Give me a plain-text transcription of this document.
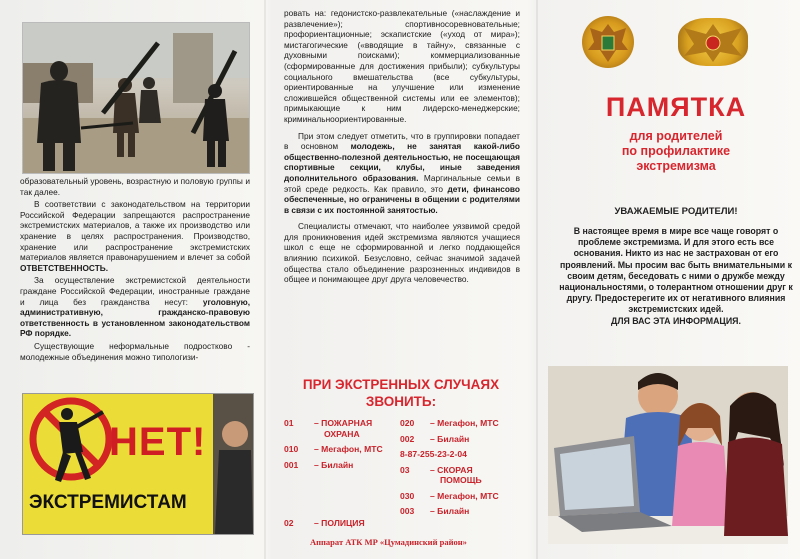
образовательный уровень, возрастную и половую группы и так далее.

В соответствии с законодательством на территории Российской Федерации запрещаются распространение экстремистских материалов, а также их производство или хранение в целях распространения. Производство, хранение или распространение экстремистских материалов является правонарушением и влечет за собой ОТВЕТСТВЕННОСТЬ.

За осуществление экстремистской деятельности граждане Российской Федерации, иностранные граждане и лица без гражданства несут: уголовную, административную, гражданско-правовую ответственность в установленном законодательством РФ порядке.

Существующие неформальные подростково - молодежные объединения можно типологизи-

НЕТ!
ЭКСТРЕМИСТАМ

ровать на: гедонистско-развлекательные («наслаждение и развлечение»); спортивносоревновательные; профориентационные; эскапистские («уход от мира»); мистагогические («вводящие в тайну», связанные с духовными поисками); коммерциализованные (сформированные для достижения прибыли); субкультуры социального вмешательства (все субкультуры, ориентированные на улучшение или изменение сложившейся общественной системы или ее элементов); примыкающие к ним лидерско-менеджерские; криминальноориентированные.

При этом следует отметить, что в группировки попадает в основном молодежь, не занятая какой-либо общественно-полезной деятельностью, не посещающая спортивные секции, клубы, иные заведения дополнительного образования. Маргинальные семьи в этой среде редкость. Как правило, это дети, финансово обеспеченные, но ограничены в общении с родителями в связи с их постоянной занятостью.

Специалисты отмечают, что наиболее уязвимой средой для проникновения идей экстремизма являются учащиеся школ с еще не сформированной и легко поддающейся влиянию психикой. Безусловно, сейчас значимой задачей общества стало объединение разрозненных индивидов в общее и понимающее друг друга человечество.

ПРИ ЭКСТРЕННЫХ СЛУЧАЯХ
ЗВОНИТЬ:
01 – ПОЖАРНАЯ
ОХРАНА
010 – Мегафон, МТС
001 – Билайн
020 – Мегафон, МТС
002 – Билайн
8-87-255-23-2-04
03 – СКОРАЯ
ПОМОЩЬ
030 – Мегафон, МТС
003 – Билайн
02 – ПОЛИЦИЯ
Аппарат АТК МР «Цумадинский район»
ПАМЯТКА
для родителей
по профилактике
экстремизма
УВАЖАЕМЫЕ РОДИТЕЛИ!
В настоящее время в мире все чаще говорят о проблеме экстремизма. И для этого есть все основания. Никто из нас не застрахован от его проявлений. Мы просим вас быть внимательными к своим детям, беседовать с ними о дружбе между национальностями, о толерантном отношении друг к другу. Предостерегите их от негативного влияния экстремистских идей.
ДЛЯ ВАС ЭТА ИНФОРМАЦИЯ.
